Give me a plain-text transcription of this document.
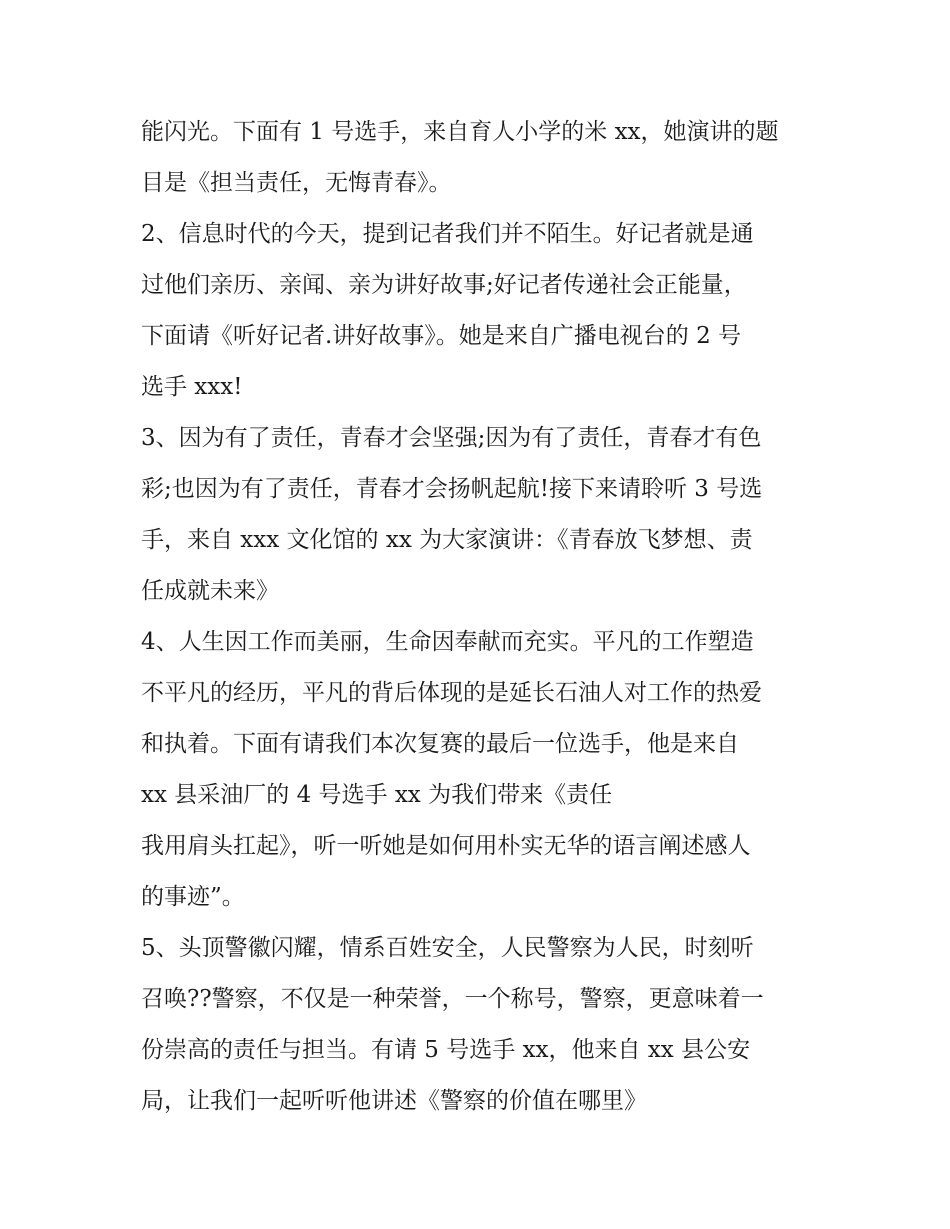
能闪光。下面有 1 号选手，来自育人小学的米 xx，她演讲的题
目是《担当责任，无悔青春》。
2、信息时代的今天，提到记者我们并不陌生。好记者就是通
过他们亲历、亲闻、亲为讲好故事;好记者传递社会正能量，
下面请《听好记者.讲好故事》。她是来自广播电视台的 2 号
选手 xxx!
3、因为有了责任，青春才会坚强;因为有了责任，青春才有色
彩;也因为有了责任，青春才会扬帆起航!接下来请聆听 3 号选
手，来自 xxx 文化馆的 xx 为大家演讲：《青春放飞梦想、责
任成就未来》
4、人生因工作而美丽，生命因奉献而充实。平凡的工作塑造
不平凡的经历，平凡的背后体现的是延长石油人对工作的热爱
和执着。下面有请我们本次复赛的最后一位选手，他是来自
xx 县采油厂的 4 号选手 xx 为我们带来《责任
我用肩头扛起》，听一听她是如何用朴实无华的语言阐述感人
的事迹”。
5、头顶警徽闪耀，情系百姓安全，人民警察为人民，时刻听
召唤??警察，不仅是一种荣誉，一个称号，警察，更意味着一
份崇高的责任与担当。有请 5 号选手 xx，他来自 xx 县公安
局，让我们一起听听他讲述《警察的价值在哪里》
